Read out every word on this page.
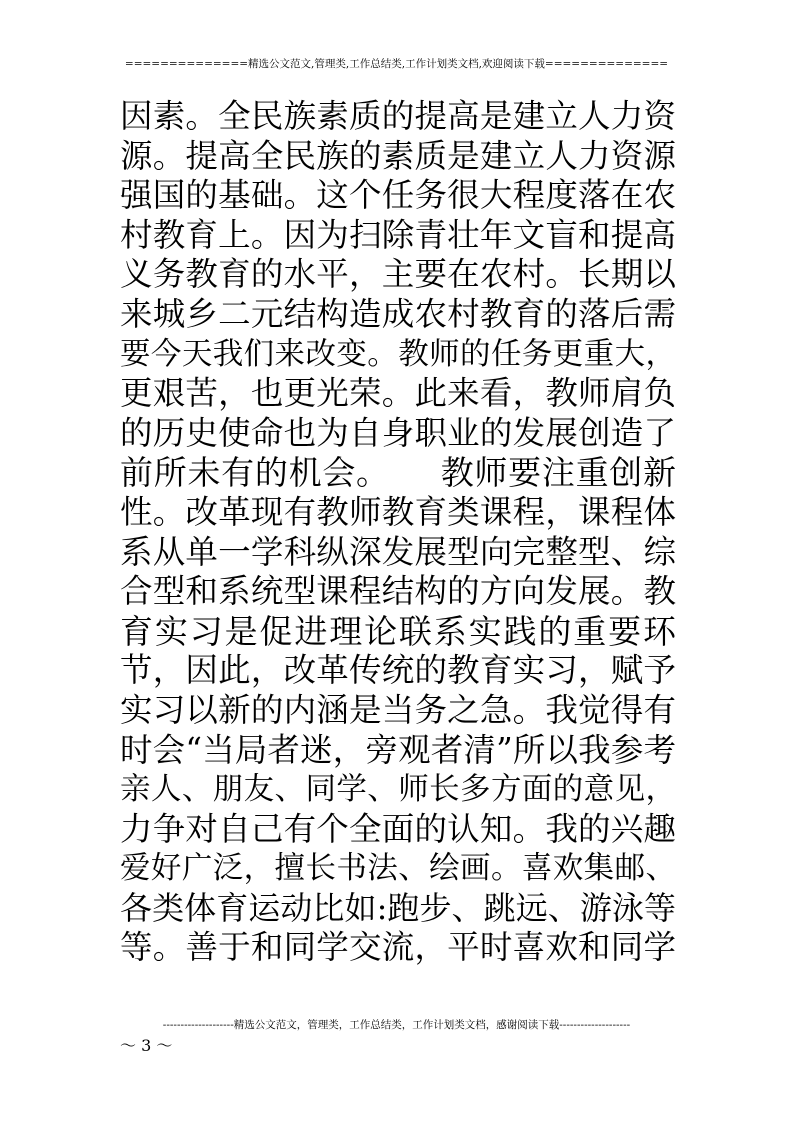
==============精选公文范文,管理类,工作总结类,工作计划类文档,欢迎阅读下载==============
因素。全民族素质的提高是建立人力资
源。提高全民族的素质是建立人力资源
强国的基础。这个任务很大程度落在农
村教育上。因为扫除青壮年文盲和提高
义务教育的水平，主要在农村。长期以
来城乡二元结构造成农村教育的落后需
要今天我们来改变。教师的任务更重大，
更艰苦，也更光荣。此来看，教师肩负
的历史使命也为自身职业的发展创造了
前所未有的机会。　　教师要注重创新
性。改革现有教师教育类课程，课程体
系从单一学科纵深发展型向完整型、综
合型和系统型课程结构的方向发展。教
育实习是促进理论联系实践的重要环
节，因此，改革传统的教育实习，赋予
实习以新的内涵是当务之急。我觉得有
时会“当局者迷，旁观者清”所以我参考
亲人、朋友、同学、师长多方面的意见，
力争对自己有个全面的认知。我的兴趣
爱好广泛，擅长书法、绘画。喜欢集邮、
各类体育运动比如:跑步、跳远、游泳等
等。善于和同学交流，平时喜欢和同学
--------------------精选公文范文，管理类，工作总结类，工作计划类文档，感谢阅读下载--------------------
～ 3 ～
